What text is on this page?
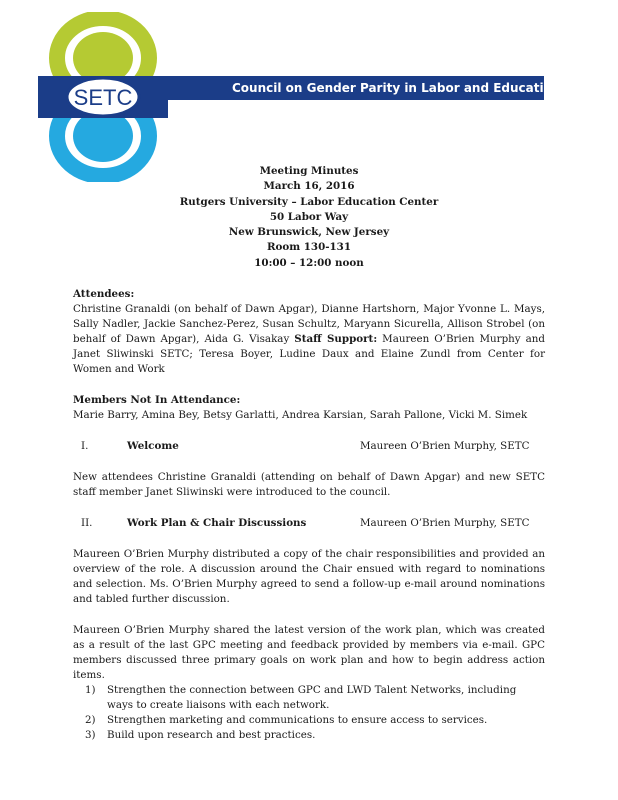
SETC	Council on Gender Parity in Labor and Education
Meeting Minutes
March 16, 2016
Rutgers University – Labor Education Center
50 Labor Way
New Brunswick, New Jersey
Room 130-131
10:00 – 12:00 noon

Attendees:

Christine Granaldi (on behalf of Dawn Apgar), Dianne Hartshorn, Major Yvonne L. Mays, Sally Nadler, Jackie Sanchez-Perez, Susan Schultz, Maryann Sicurella, Allison Strobel (on behalf of Dawn Apgar), Aida G. Visakay Staff Support: Maureen O’Brien Murphy and Janet Sliwinski SETC; Teresa Boyer, Ludine Daux and Elaine Zundl from Center for Women and Work

Members Not In Attendance:

Marie Barry, Amina Bey, Betsy Garlatti, Andrea Karsian, Sarah Pallone, Vicki M. Simek

I.	Welcome	Maureen O’Brien Murphy, SETC

New attendees Christine Granaldi (attending on behalf of Dawn Apgar) and new SETC staff member Janet Sliwinski were introduced to the council.

II.	Work Plan & Chair Discussions	Maureen O’Brien Murphy, SETC

Maureen O’Brien Murphy distributed a copy of the chair responsibilities and provided an overview of the role. A discussion around the Chair ensued with regard to nominations and selection. Ms. O’Brien Murphy agreed to send a follow-up e-mail around nominations and tabled further discussion.

Maureen O’Brien Murphy shared the latest version of the work plan, which was created as a result of the last GPC meeting and feedback provided by members via e-mail. GPC members discussed three primary goals on work plan and how to begin address action items.

1) Strengthen the connection between GPC and LWD Talent Networks, including ways to create liaisons with each network.
2) Strengthen marketing and communications to ensure access to services.
3) Build upon research and best practices.
